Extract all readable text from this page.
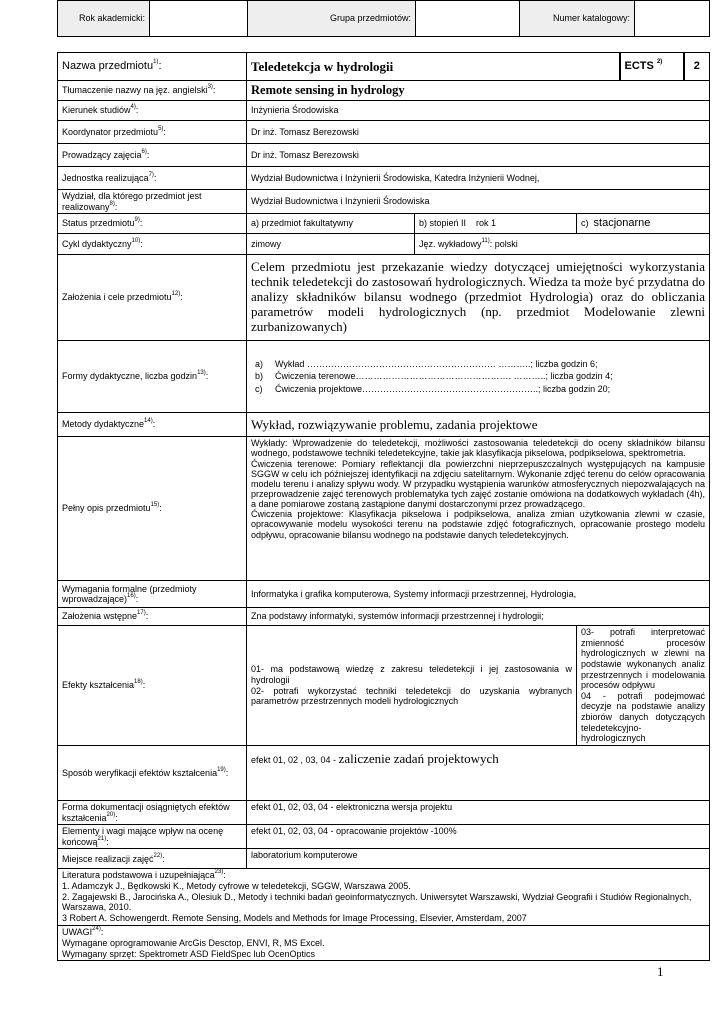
Rok akademicki:		Grupa przedmiotów:		Numer katalogowy:	
Nazwa przedmiotu$^{1)}$:	Teledetekcja w hydrologii			ECTS $^{2)}$	2
Tłumaczenie nazwy na jęz. angielski$^{3)}$:	Remote sensing in hydrology				
Kierunek studiów$^{4)}$:	Inżynieria Środowiska				
Koordynator przedmiotu$^{5)}$:	Dr inż. Tomasz Berezowski				
Prowadzący zajęcia$^{6)}$:	Dr inż. Tomasz Berezowski				
Jednostka realizująca$^{7)}$:	Wydział Budownictwa i Inżynierii Środowiska, Katedra Inżynierii Wodnej,				
Wydział, dla którego przedmiot jest realizowany$^{8)}$:	Wydział Budownictwa i Inżynierii Środowiska				
Status przedmiotu$^{9)}$:	a) przedmiot fakultatywny	b) stopień II    rok 1	c) stacjonarne		
Cykl dydaktyczny$^{10)}$:	zimowy	Jęz. wykładowy$^{11)}$: polski			
Założenia i cele przedmiotu$^{12)}$:	Celem przedmiotu jest przekazanie wiedzy dotyczącej umiejętności wykorzystania technik teledetekcji do zastosowań hydrologicznych. Wiedza ta może być przydatna do analizy składników bilansu wodnego (przedmiot Hydrologia) oraz do obliczania parametrów modeli hydrologicznych (np. przedmiot Modelowanie zlewni zurbanizowanych)				
Formy dydaktyczne, liczba godzin$^{13)}$:	a) Wykład ……………………………………………………… ………..; liczba godzin 6;
b) Ćwiczenia terenowe……………………………………………. ………..; liczba godzin 4;
c) Ćwiczenia projektowe…………………………………………………..; liczba godzin 20;				

Metody dydaktyczne$^{14)}$:	Wykład, rozwiązywanie problemu, zadania projektowe				
Pełny opis przedmiotu$^{15)}$:	Wykłady: Wprowadzenie do teledetekcji, możliwości zastosowania teledetekcji do oceny składników bilansu wodnego, podstawowe techniki teledetekcyjne, takie jak klasyfikacja pikselowa, podpikselowa, spektrometria.

Ćwiczenia terenowe: Pomiary reflektancji dla powierzchni nieprzepuszczalnych występujących na kampusie SGGW w celu ich późniejszej identyfikacji na zdjęciu satelitarnym. Wykonanie zdjęć terenu do celów opracowania modelu terenu i analizy spływu wody. W przypadku wystąpienia warunków atmosferycznych niepozwalających na przeprowadzenie zajęć terenowych problematyka tych zajęć zostanie omówiona na dodatkowych wykładach (4h), a dane pomiarowe zostaną zastąpione danymi dostarczonymi przez prowadzącego.

Ćwiczenia projektowe: Klasyfikacja pikselowa i podpikselowa, analiza zmian użytkowania zlewni w czasie, opracowywanie modelu wysokości terenu na podstawie zdjęć fotograficznych, opracowanie prostego modelu odpływu, opracowanie bilansu wodnego na podstawie danych teledetekcyjnych.				

Wymagania formalne (przedmioty wprowadzające)$^{16)}$:	Informatyka i grafika komputerowa, Systemy informacji przestrzennej, Hydrologia,				
Założenia wstępne$^{17)}$:	Zna podstawy informatyki, systemów informacji przestrzennej i hydrologii;				
Efekty kształcenia$^{18)}$:	01- ma podstawową wiedzę z zakresu teledetekcji i jej zastosowania w hydrologii
02- potrafi wykorzystać techniki teledetekcji do uzyskania wybranych parametrów przestrzennych modeli hydrologicznych		03- potrafi interpretować zmienność procesów hydrologicznych w zlewni na podstawie wykonanych analiz przestrzennych i modelowania procesów odpływu
04 - potrafi podejmować decyzje na podstawie analizy zbiorów danych dotyczących teledetekcyjno-hydrologicznych		
Sposób weryfikacji efektów kształcenia$^{19)}$:	efekt 01, 02 , 03, 04 - zaliczenie zadań projektowych				
Forma dokumentacji osiągniętych efektów kształcenia$^{20)}$:	efekt 01, 02, 03, 04 - elektroniczna wersja projektu				
Elementy i wagi mające wpływ na ocenę końcową$^{21)}$:	efekt 01, 02, 03, 04 - opracowanie projektów -100%				
Miejsce realizacji zajęć$^{22)}$:	laboratorium komputerowe				

Literatura podstawowa i uzupełniająca$^{23)}$:

1. Adamczyk J., Będkowski K., Metody cyfrowe w teledetekcji, SGGW, Warszawa 2005.

2. Zagajewski B., Jarocińska A., Olesiuk D., Metody i techniki badań geoinformatycznych. Uniwersytet Warszawski, Wydział Geografii i Studiów Regionalnych, Warszawa, 2010.

3 Robert A. Schowengerdt. Remote Sensing, Models and Methods for Image Processing, Elsevier, Amsterdam, 2007					

UWAGI$^{24)}$:

Wymagane oprogramowanie ArcGis Desctop, ENVI, R, MS Excel.

Wymagany sprzęt: Spektrometr ASD FieldSpec lub OcenOptics					

1
